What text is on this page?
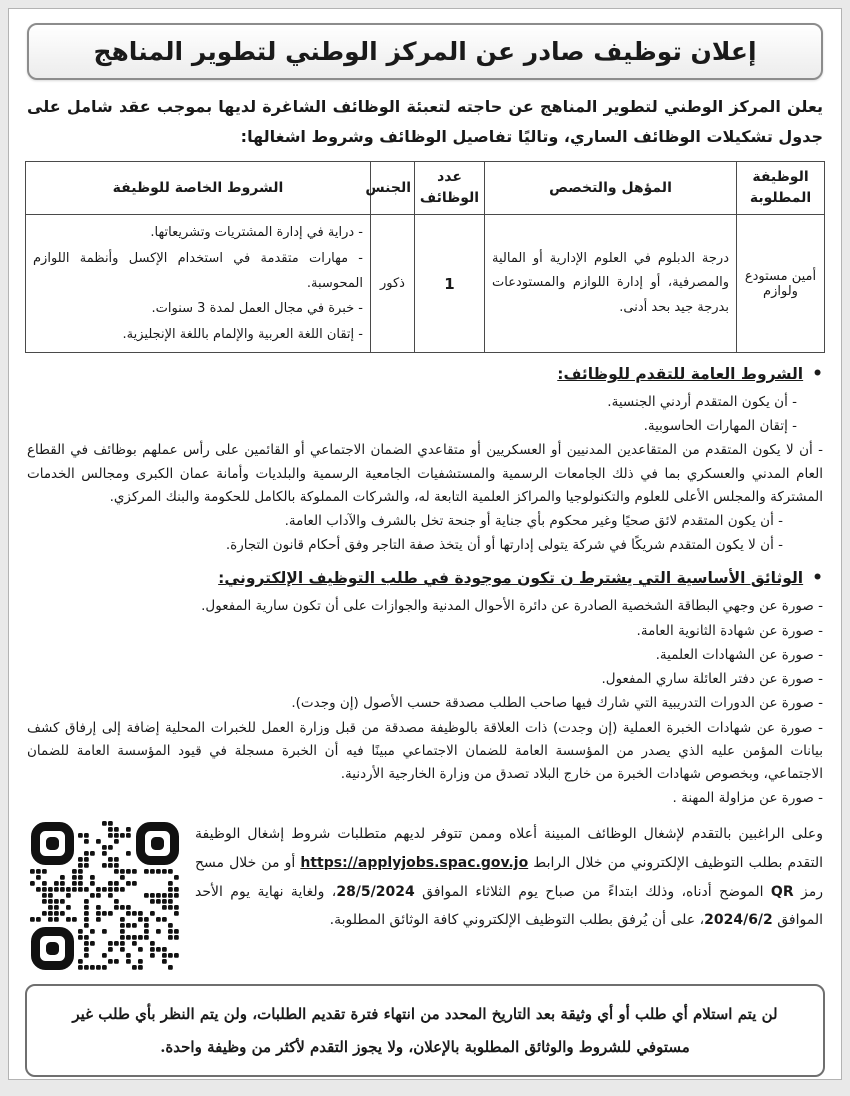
إعلان توظيف صادر عن المركز الوطني لتطوير المناهج

يعلن المركز الوطني لتطوير المناهج عن حاجته لتعبئة الوظائف الشاغرة لديها بموجب عقد شامل على جدول تشكيلات الوظائف الساري، وتاليًا تفاصيل الوظائف وشروط اشغالها:

الوظيفة المطلوبة	المؤهل والتخصص	عدد الوظائف	الجنس	الشروط الخاصة للوظيفة
أمين مستودع ولوازم	درجة الدبلوم في العلوم الإدارية أو المالية والمصرفية، أو إدارة اللوازم والمستودعات بدرجة جيد بحد أدنى.	1	ذكور	- دراية في إدارة المشتريات وتشريعاتها.
- مهارات متقدمة في استخدام الإكسل وأنظمة اللوازم المحوسبة.
- خبرة في مجال العمل لمدة 3 سنوات.
- إتقان اللغة العربية والإلمام باللغة الإنجليزية.
•
الشروط العامة للتقدم للوظائف:
- أن يكون المتقدم أردني الجنسية.
- إتقان المهارات الحاسوبية.
- أن لا يكون المتقدم من المتقاعدين المدنيين أو العسكريين أو متقاعدي الضمان الاجتماعي أو القائمين على رأس عملهم بوظائف في القطاع العام المدني والعسكري بما في ذلك الجامعات الرسمية والمستشفيات الجامعية الرسمية والبلديات وأمانة عمان الكبرى ومجالس الخدمات المشتركة والمجلس الأعلى للعلوم والتكنولوجيا والمراكز العلمية التابعة له، والشركات المملوكة بالكامل للحكومة والبنك المركزي.
- أن يكون المتقدم لائق صحيًا وغير محكوم بأي جناية أو جنحة تخل بالشرف والآداب العامة.
- أن لا يكون المتقدم شريكًا في شركة يتولى إدارتها أو أن يتخذ صفة التاجر وفق أحكام قانون التجارة.
•
الوثائق الأساسية التي يشترط ن تكون موجودة في طلب التوظيف الإلكتروني:
- صورة عن وجهي البطاقة الشخصية الصادرة عن دائرة الأحوال المدنية والجوازات على أن تكون سارية المفعول.
- صورة عن شهادة الثانوية العامة.
- صورة عن الشهادات العلمية.
- صورة عن دفتر العائلة ساري المفعول.
- صورة عن الدورات التدريبية التي شارك فيها صاحب الطلب مصدقة حسب الأصول (إن وجدت).
- صورة عن شهادات الخبرة العملية (إن وجدت) ذات العلاقة بالوظيفة مصدقة من قبل وزارة العمل للخبرات المحلية إضافة إلى إرفاق كشف بيانات المؤمن عليه الذي يصدر من المؤسسة العامة للضمان الاجتماعي مبينًا فيه أن الخبرة مسجلة في قيود المؤسسة العامة للضمان الاجتماعي، وبخصوص شهادات الخبرة من خارج البلاد تصدق من وزارة الخارجية الأردنية.
- صورة عن مزاولة المهنة .

وعلى الراغبين بالتقدم لإشغال الوظائف المبينة أعلاه وممن تتوفر لديهم متطلبات شروط إشغال الوظيفة التقدم بطلب التوظيف الإلكتروني من خلال الرابط https://applyjobs.spac.gov.jo أو من خلال مسح رمز QR الموضح أدناه، وذلك ابتداءً من صباح يوم الثلاثاء الموافق 28/5/2024، ولغاية نهاية يوم الأحد الموافق 2024/6/2، على أن يُرفق بطلب التوظيف الإلكتروني كافة الوثائق المطلوبة.

لن يتم استلام أي طلب أو أي وثيقة بعد التاريخ المحدد من انتهاء فترة تقديم الطلبات، ولن يتم النظر بأي طلب غير مستوفي للشروط والوثائق المطلوبة بالإعلان، ولا يجوز التقدم لأكثر من وظيفة واحدة.
